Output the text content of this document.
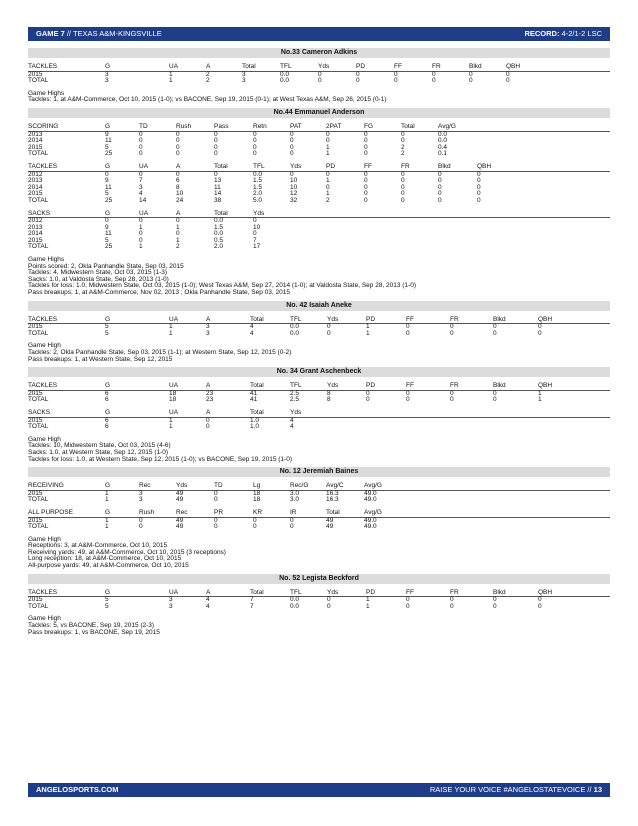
GAME 7 // TEXAS A&M-KINGSVILLE	RECORD: 4-2/1-2 LSC
No.33 Cameron Adkins
TACKLES	G	UA	A	Total	TFL	Yds	PD	FF	FR	Blkd	QBH
2015	3	1	2	3	0.0	0	0	0	0	0	0
TOTAL	3	1	2	3	0.0	0	0	0	0	0	0
Game Highs
Tackles: 1, at A&M-Commerce, Oct 10, 2015 (1-0); vs BACONE, Sep 19, 2015 (0-1); at West Texas A&M, Sep 26, 2015 (0-1)
No.44 Emmanuel Anderson
SCORING	G	TD	Rush	Pass	Retn	PAT	2PAT	FG	Total	Avg/G
2013	9	0	0	0	0	0	0	0	0	0.0
2014	11	0	0	0	0	0	0	0	0	0.0
2015	5	0	0	0	0	0	1	0	2	0.4
TOTAL	25	0	0	0	0	0	1	0	2	0.1
TACKLES	G	UA	A	Total	TFL	Yds	PD	FF	FR	Blkd	QBH
2012	0	0	0	0	0.0	0	0	0	0	0	0
2013	9	7	6	13	1.5	10	1	0	0	0	0
2014	11	3	8	11	1.5	10	0	0	0	0	0
2015	5	4	10	14	2.0	12	1	0	0	0	0
TOTAL	25	14	24	38	5.0	32	2	0	0	0	0
SACKS	G	UA	A	Total	Yds
2012	0	0	0	0.0	0
2013	9	1	1	1.5	10
2014	11	0	0	0.0	0
2015	5	0	1	0.5	7
TOTAL	25	1	2	2.0	17
Game Highs
Points scored: 2, Okla Panhandle State, Sep 03, 2015
Tackles: 4, Midwestern State, Oct 03, 2015 (1-3)
Sacks: 1.0, at Valdosta State, Sep 28, 2013 (1-0)
Tackles for loss: 1.0, Midwestern State, Oct 03, 2015 (1-0); West Texas A&M, Sep 27, 2014 (1-0); at Valdosta State, Sep 28, 2013 (1-0)
Pass breakups: 1, at A&M-Commerce, Nov 02, 2013 ; Okla Panhandle State, Sep 03, 2015
No. 42 Isaiah Aneke
TACKLES	G	UA	A	Total	TFL	Yds	PD	FF	FR	Blkd	QBH
2015	5	1	3	4	0.0	0	1	0	0	0	0
TOTAL	5	1	3	4	0.0	0	1	0	0	0	0
Game High
Tackles: 2, Okla Panhandle State, Sep 03, 2015 (1-1); at Western State, Sep 12, 2015 (0-2)
Pass breakups: 1, at Western State, Sep 12, 2015
No. 34 Grant Aschenbeck
TACKLES	G	UA	A	Total	TFL	Yds	PD	FF	FR	Blkd	QBH
2015	6	18	23	41	2.5	8	0	0	0	0	1
TOTAL	6	18	23	41	2.5	8	0	0	0	0	1
SACKS	G	UA	A	Total	Yds
2015	6	1	0	1.0	4
TOTAL	6	1	0	1.0	4
Game High
Tackles: 10, Midwestern State, Oct 03, 2015 (4-6)
Sacks: 1.0, at Western State, Sep 12, 2015 (1-0)
Tackles for loss: 1.0, at Western State, Sep 12, 2015 (1-0); vs BACONE, Sep 19, 2015 (1-0)
No. 12 Jeremiah Baines
RECEIVING	G	Rec	Yds	TD	Lg	Rec/G	Avg/C	Avg/G
2015	1	3	49	0	18	3.0	16.3	49.0
TOTAL	1	3	49	0	18	3.0	16.3	49.0
ALL PURPOSE	G	Rush	Rec	PR	KR	IR	Total	Avg/G
2015	1	0	49	0	0	0	49	49.0
TOTAL	1	0	49	0	0	0	49	49.0
Game High
Receptions: 3, at A&M-Commerce, Oct 10, 2015
Receiving yards: 49, at A&M-Commerce, Oct 10, 2015 (3 receptions)
Long reception: 18, at A&M-Commerce, Oct 10, 2015
All-purpose yards: 49, at A&M-Commerce, Oct 10, 2015
No. 52 Legista Beckford
TACKLES	G	UA	A	Total	TFL	Yds	PD	FF	FR	Blkd	QBH
2015	5	3	4	7	0.0	0	1	0	0	0	0
TOTAL	5	3	4	7	0.0	0	1	0	0	0	0
Game High
Tackles: 5, vs BACONE, Sep 19, 2015 (2-3)
Pass breakups: 1, vs BACONE, Sep 19, 2015
ANGELOSPORTS.COM	RAISE YOUR VOICE #ANGELOSTATEVOICE // 13
